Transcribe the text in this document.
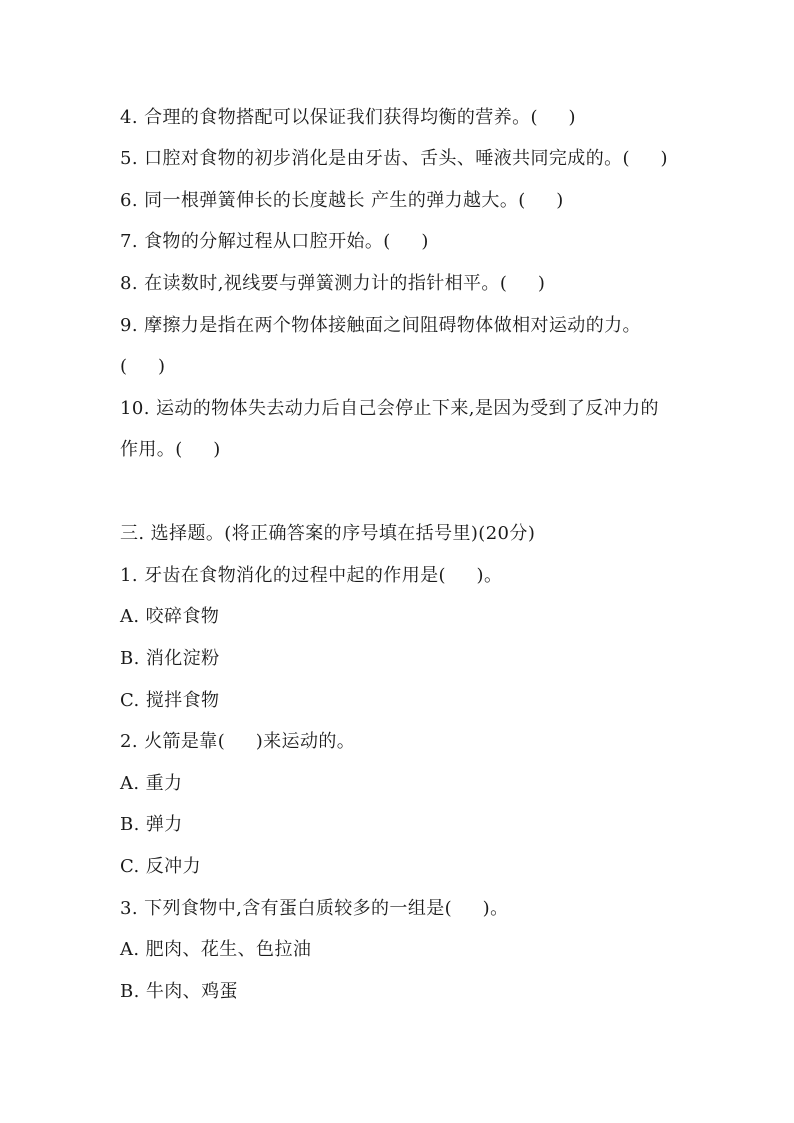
4. 合理的食物搭配可以保证我们获得均衡的营养。(     )
5. 口腔对食物的初步消化是由牙齿、舌头、唾液共同完成的。(     )
6. 同一根弹簧伸长的长度越长 产生的弹力越大。(     )
7. 食物的分解过程从口腔开始。(     )
8. 在读数时,视线要与弹簧测力计的指针相平。(     )
9. 摩擦力是指在两个物体接触面之间阻碍物体做相对运动的力。
(     )
10. 运动的物体失去动力后自己会停止下来,是因为受到了反冲力的
作用。(     )
三. 选择题。(将正确答案的序号填在括号里)(20分)
1. 牙齿在食物消化的过程中起的作用是(     )。
A. 咬碎食物
B. 消化淀粉
C. 搅拌食物
2. 火箭是靠(     )来运动的。
A. 重力
B. 弹力
C. 反冲力
3. 下列食物中,含有蛋白质较多的一组是(     )。
A. 肥肉、花生、色拉油
B. 牛肉、鸡蛋
